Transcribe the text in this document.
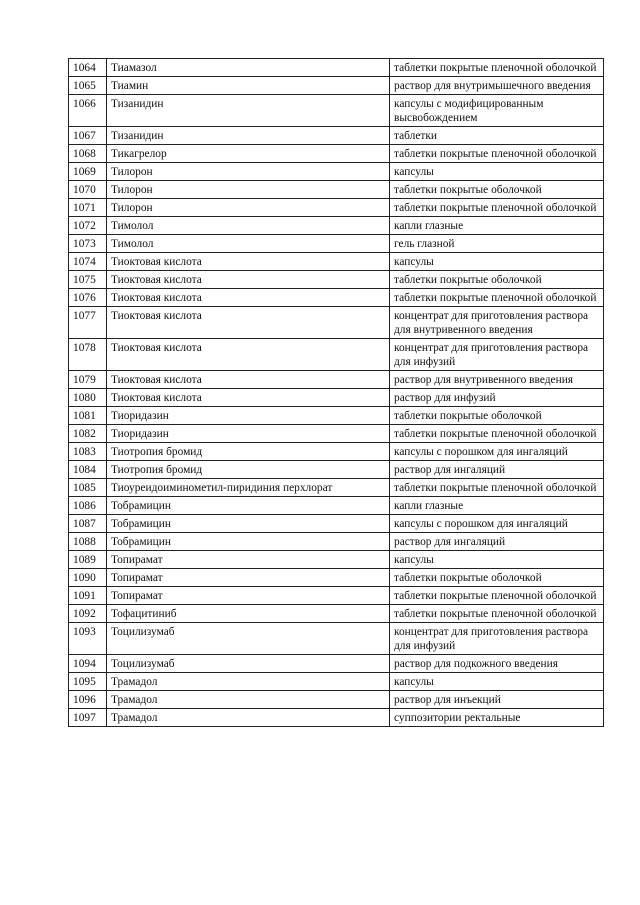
1064	Тиамазол	таблетки покрытые пленочной оболочкой
1065	Тиамин	раствор для внутримышечного введения
1066	Тизанидин	капсулы с модифицированным высвобождением
1067	Тизанидин	таблетки
1068	Тикагрелор	таблетки покрытые пленочной оболочкой
1069	Тилорон	капсулы
1070	Тилорон	таблетки покрытые оболочкой
1071	Тилорон	таблетки покрытые пленочной оболочкой
1072	Тимолол	капли глазные
1073	Тимолол	гель глазной
1074	Тиоктовая кислота	капсулы
1075	Тиоктовая кислота	таблетки покрытые оболочкой
1076	Тиоктовая кислота	таблетки покрытые пленочной оболочкой
1077	Тиоктовая кислота	концентрат для приготовления раствора для внутривенного введения
1078	Тиоктовая кислота	концентрат для приготовления раствора для инфузий
1079	Тиоктовая кислота	раствор для внутривенного введения
1080	Тиоктовая кислота	раствор для инфузий
1081	Тиоридазин	таблетки покрытые оболочкой
1082	Тиоридазин	таблетки покрытые пленочной оболочкой
1083	Тиотропия бромид	капсулы с порошком для ингаляций
1084	Тиотропия бромид	раствор для ингаляций
1085	Тиоуреидоиминометил-пиридиния перхлорат	таблетки покрытые пленочной оболочкой
1086	Тобрамицин	капли глазные
1087	Тобрамицин	капсулы с порошком для ингаляций
1088	Тобрамицин	раствор для ингаляций
1089	Топирамат	капсулы
1090	Топирамат	таблетки покрытые оболочкой
1091	Топирамат	таблетки покрытые пленочной оболочкой
1092	Тофацитиниб	таблетки покрытые пленочной оболочкой
1093	Тоцилизумаб	концентрат для приготовления раствора для инфузий
1094	Тоцилизумаб	раствор для подкожного введения
1095	Трамадол	капсулы
1096	Трамадол	раствор для инъекций
1097	Трамадол	суппозитории ректальные
